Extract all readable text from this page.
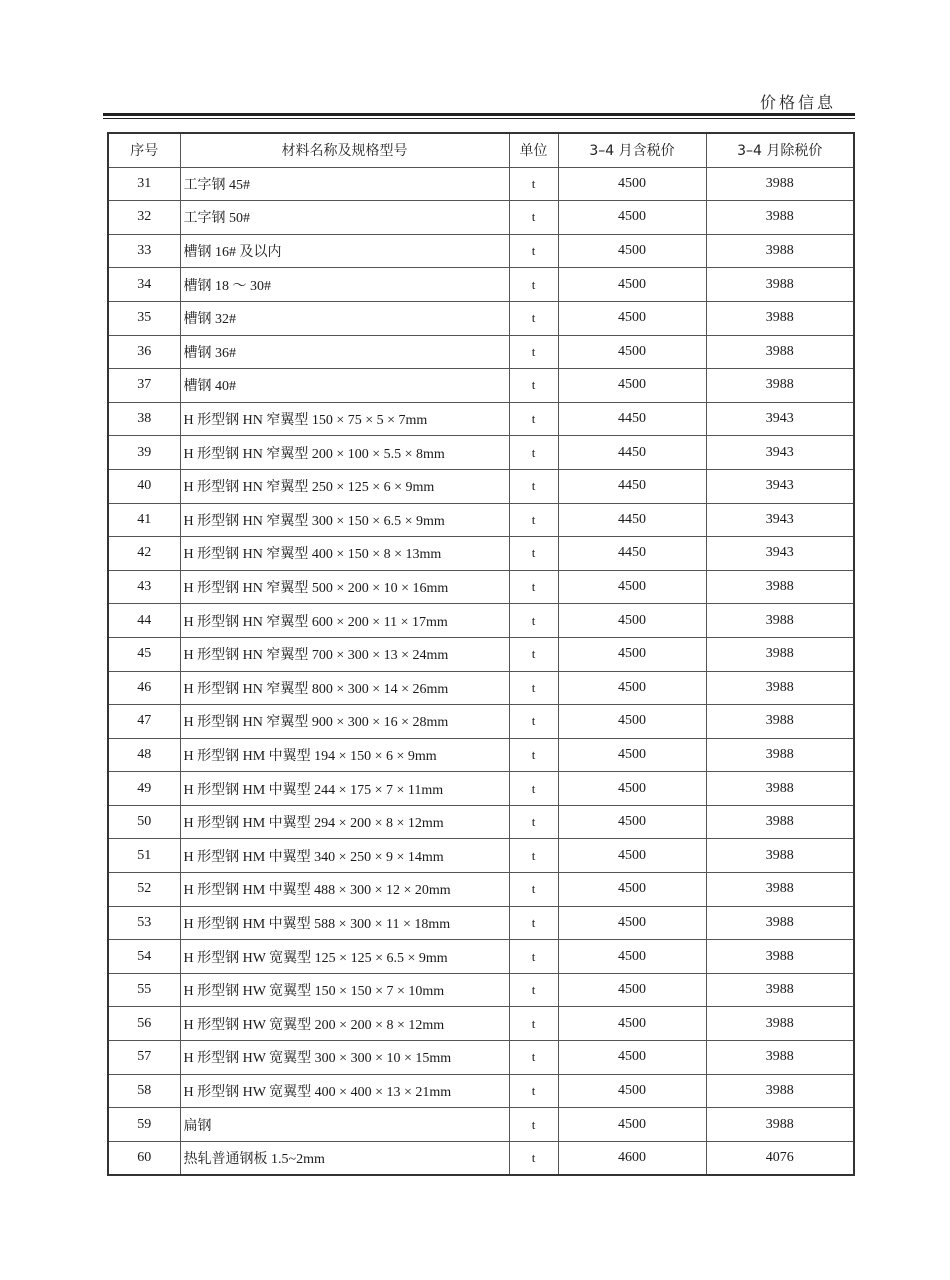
价格信息
序号	材料名称及规格型号	单位	3–4 月含税价	3–4 月除税价
31	工字钢 45#	t	4500	3988
32	工字钢 50#	t	4500	3988
33	槽钢 16# 及以内	t	4500	3988
34	槽钢 18 ～ 30#	t	4500	3988
35	槽钢 32#	t	4500	3988
36	槽钢 36#	t	4500	3988
37	槽钢 40#	t	4500	3988
38	H 形型钢 HN 窄翼型 150 × 75 × 5 × 7mm	t	4450	3943
39	H 形型钢 HN 窄翼型 200 × 100 × 5.5 × 8mm	t	4450	3943
40	H 形型钢 HN 窄翼型 250 × 125 × 6 × 9mm	t	4450	3943
41	H 形型钢 HN 窄翼型 300 × 150 × 6.5 × 9mm	t	4450	3943
42	H 形型钢 HN 窄翼型 400 × 150 × 8 × 13mm	t	4450	3943
43	H 形型钢 HN 窄翼型 500 × 200 × 10 × 16mm	t	4500	3988
44	H 形型钢 HN 窄翼型 600 × 200 × 11 × 17mm	t	4500	3988
45	H 形型钢 HN 窄翼型 700 × 300 × 13 × 24mm	t	4500	3988
46	H 形型钢 HN 窄翼型 800 × 300 × 14 × 26mm	t	4500	3988
47	H 形型钢 HN 窄翼型 900 × 300 × 16 × 28mm	t	4500	3988
48	H 形型钢 HM 中翼型 194 × 150 × 6 × 9mm	t	4500	3988
49	H 形型钢 HM 中翼型 244 × 175 × 7 × 11mm	t	4500	3988
50	H 形型钢 HM 中翼型 294 × 200 × 8 × 12mm	t	4500	3988
51	H 形型钢 HM 中翼型 340 × 250 × 9 × 14mm	t	4500	3988
52	H 形型钢 HM 中翼型 488 × 300 × 12 × 20mm	t	4500	3988
53	H 形型钢 HM 中翼型 588 × 300 × 11 × 18mm	t	4500	3988
54	H 形型钢 HW 宽翼型 125 × 125 × 6.5 × 9mm	t	4500	3988
55	H 形型钢 HW 宽翼型 150 × 150 × 7 × 10mm	t	4500	3988
56	H 形型钢 HW 宽翼型 200 × 200 × 8 × 12mm	t	4500	3988
57	H 形型钢 HW 宽翼型 300 × 300 × 10 × 15mm	t	4500	3988
58	H 形型钢 HW 宽翼型 400 × 400 × 13 × 21mm	t	4500	3988
59	扁钢	t	4500	3988
60	热轧普通钢板 1.5~2mm	t	4600	4076
